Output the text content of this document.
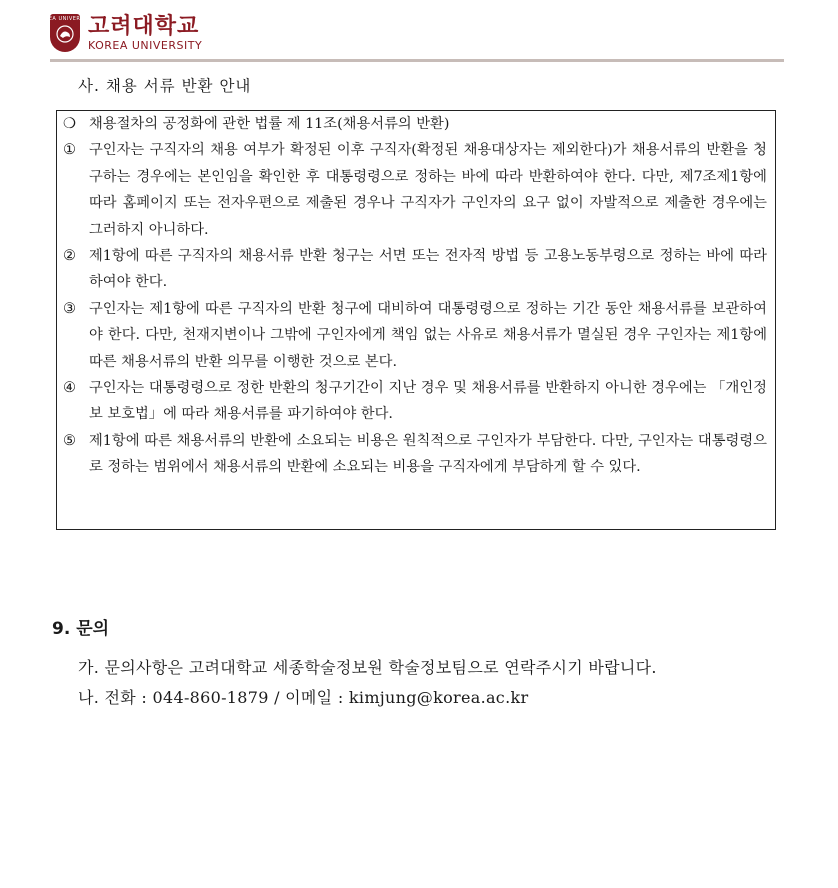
KOREA UNIVERSITY
고려대학교
KOREA UNIVERSITY
사. 채용 서류 반환 안내
❍ 채용절차의 공정화에 관한 법률 제 11조(채용서류의 반환)
① 구인자는 구직자의 채용 여부가 확정된 이후 구직자(확정된 채용대상자는 제외한다)가 채용서류의 반환을 청구하는 경우에는 본인임을 확인한 후 대통령령으로 정하는 바에 따라 반환하여야 한다. 다만, 제7조제1항에 따라 홈페이지 또는 전자우편으로 제출된 경우나 구직자가 구인자의 요구 없이 자발적으로 제출한 경우에는 그러하지 아니하다.
② 제1항에 따른 구직자의 채용서류 반환 청구는 서면 또는 전자적 방법 등 고용노동부령으로 정하는 바에 따라 하여야 한다.
③ 구인자는 제1항에 따른 구직자의 반환 청구에 대비하여 대통령령으로 정하는 기간 동안 채용서류를 보관하여야 한다. 다만, 천재지변이나 그밖에 구인자에게 책임 없는 사유로 채용서류가 멸실된 경우 구인자는 제1항에 따른 채용서류의 반환 의무를 이행한 것으로 본다.
④ 구인자는 대통령령으로 정한 반환의 청구기간이 지난 경우 및 채용서류를 반환하지 아니한 경우에는 「개인정보 보호법」에 따라 채용서류를 파기하여야 한다.
⑤ 제1항에 따른 채용서류의 반환에 소요되는 비용은 원칙적으로 구인자가 부담한다. 다만, 구인자는 대통령령으로 정하는 범위에서 채용서류의 반환에 소요되는 비용을 구직자에게 부담하게 할 수 있다.
9. 문의
가. 문의사항은 고려대학교 세종학술정보원 학술정보팀으로 연락주시기 바랍니다.
나. 전화 : 044-860-1879 / 이메일 : kimjung@korea.ac.kr
